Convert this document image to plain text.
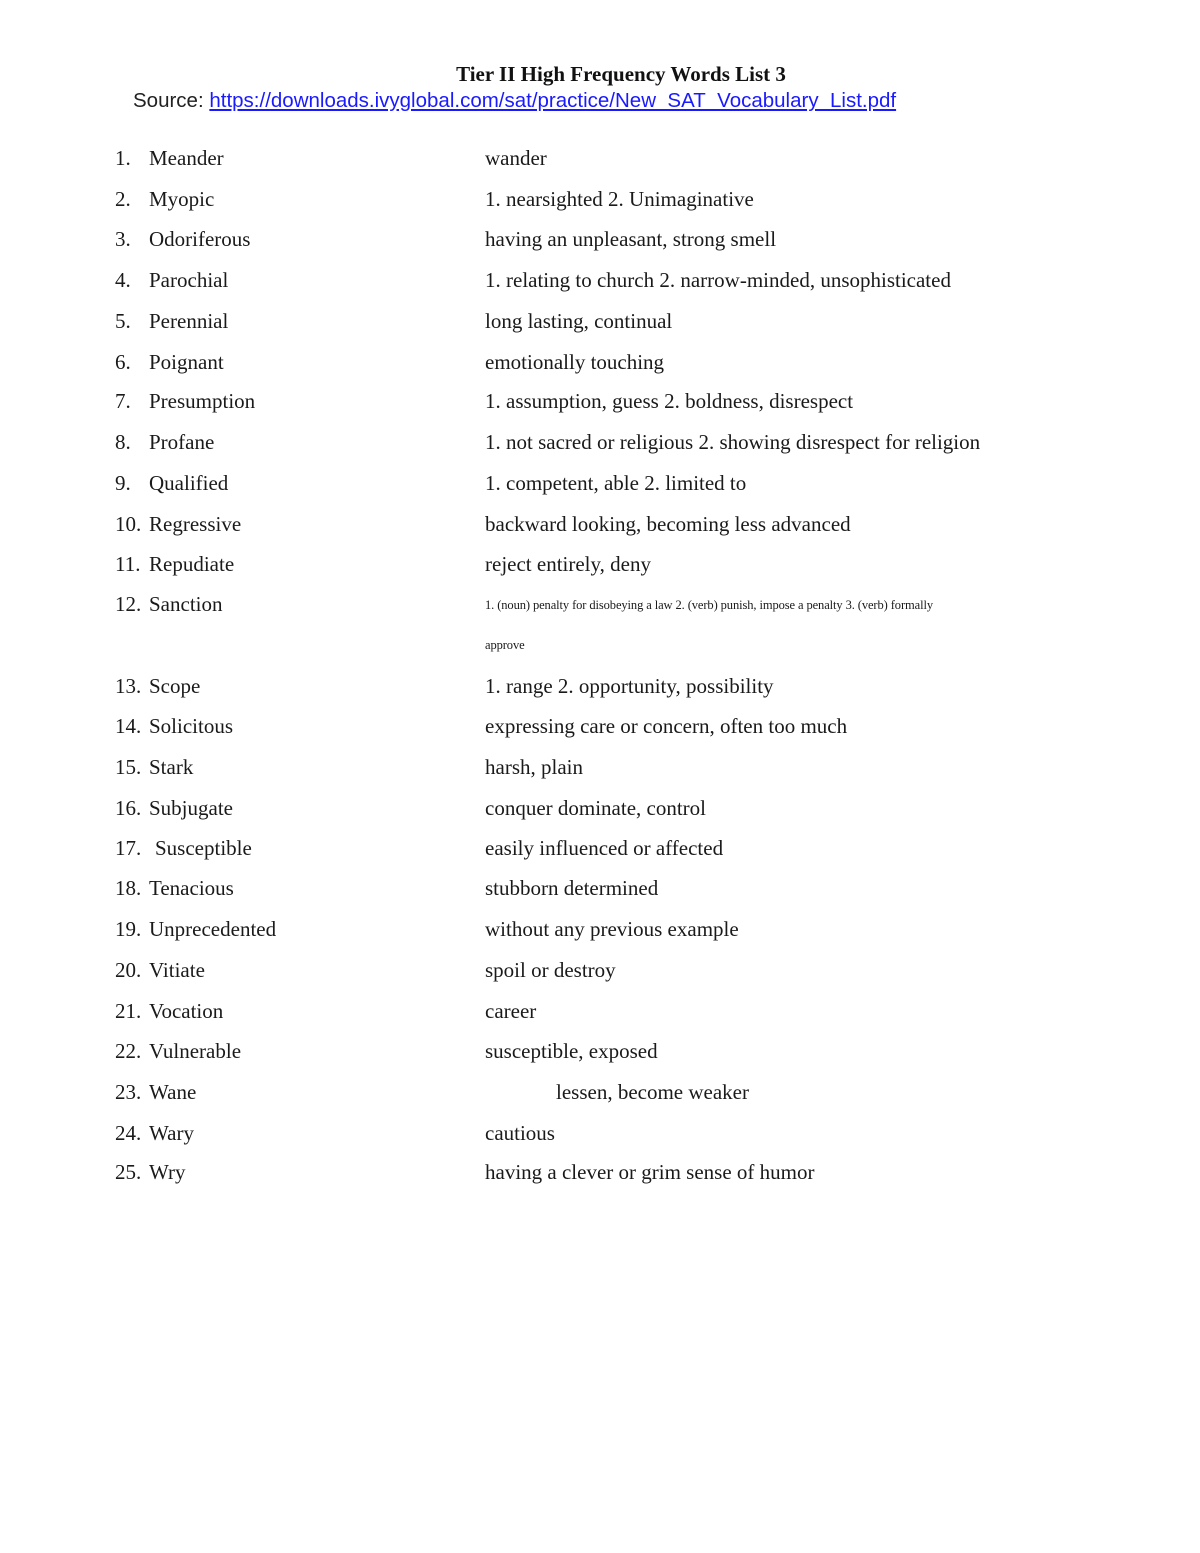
Tier II High Frequency Words List 3
Source: https://downloads.ivyglobal.com/sat/practice/New_SAT_Vocabulary_List.pdf
1. Meander	wander
2. Myopic	1. nearsighted 2. Unimaginative
3. Odoriferous	having an unpleasant, strong smell
4. Parochial	1. relating to church 2. narrow-minded, unsophisticated
5. Perennial	long lasting, continual
6. Poignant	emotionally touching
7. Presumption	1. assumption, guess 2. boldness, disrespect
8. Profane	1. not sacred or religious 2. showing disrespect for religion
9. Qualified	1. competent, able 2. limited to
10. Regressive	backward looking, becoming less advanced
11. Repudiate	reject entirely, deny
12. Sanction	1. (noun) penalty for disobeying a law 2. (verb) punish, impose a penalty 3. (verb) formally
approve
13. Scope	1. range 2. opportunity, possibility
14. Solicitous	expressing care or concern, often too much
15. Stark	harsh, plain
16. Subjugate	conquer dominate, control
17. Susceptible	easily influenced or affected
18. Tenacious	stubborn determined
19. Unprecedented	without any previous example
20. Vitiate	spoil or destroy
21. Vocation	career
22. Vulnerable	susceptible, exposed
23. Wane	lessen, become weaker
24. Wary	cautious
25. Wry	having a clever or grim sense of humor
